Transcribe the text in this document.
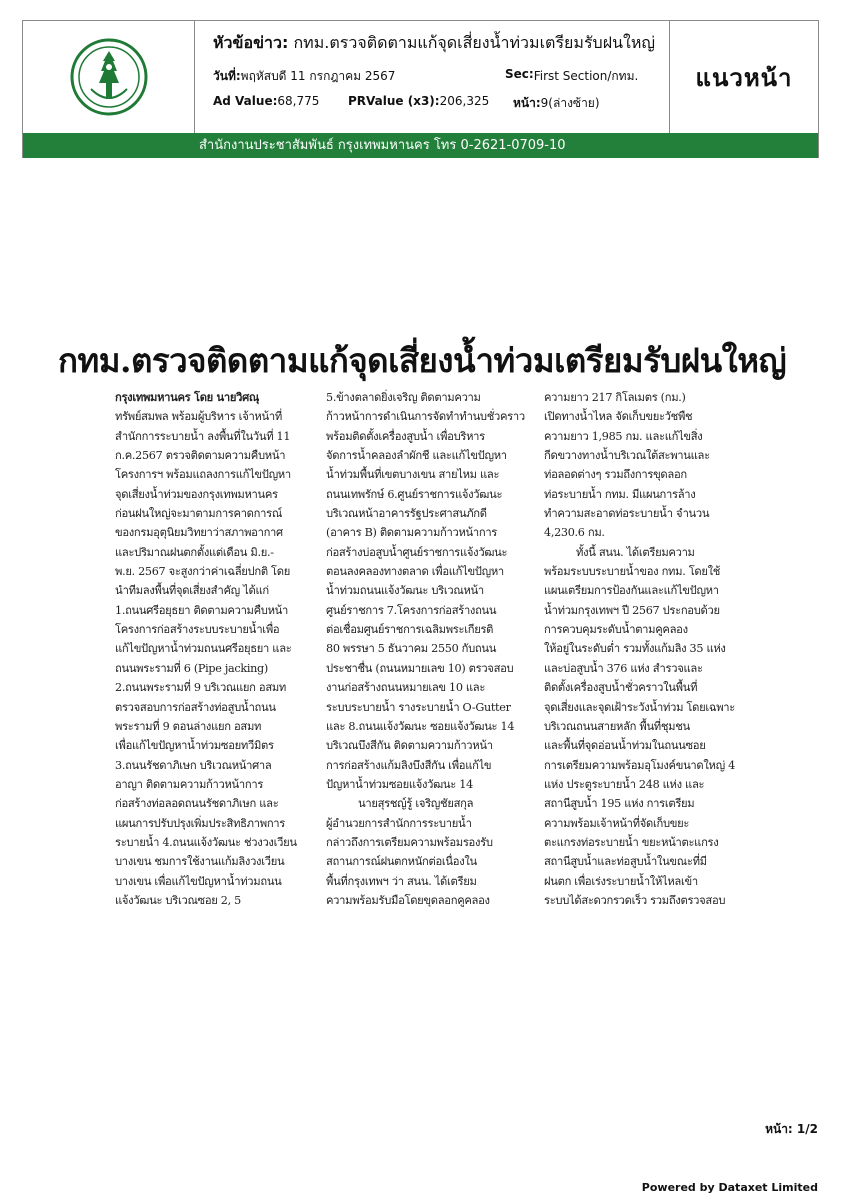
หัวข้อข่าว: กทม.ตรวจติดตามแก้จุดเสี่ยงน้ำท่วมเตรียมรับฝนใหญ่
วันที่: พฤหัสบดี 11 กรกฎาคม 2567	Sec: First Section/กทม.
Ad Value: 68,775 PRValue (x3): 206,325 หน้า: 9(ล่างซ้าย)
แนวหน้า
สำนักงานประชาสัมพันธ์ กรุงเทพมหานคร โทร 0-2621-0709-10
กทม.ตรวจติดตามแก้จุดเสี่ยงน้ำท่วมเตรียมรับฝนใหญ่
กรุงเทพมหานคร โดย นายวิศณุ
ทรัพย์สมพล พร้อมผู้บริหาร เจ้าหน้าที่
สำนักการระบายน้ำ ลงพื้นที่ในวันที่ 11
ก.ค.2567 ตรวจติดตามความคืบหน้า
โครงการฯ พร้อมแถลงการแก้ไขปัญหา
จุดเสี่ยงน้ำท่วมของกรุงเทพมหานคร
ก่อนฝนใหญ่จะมาตามการคาดการณ์
ของกรมอุตุนิยมวิทยาว่าสภาพอากาศ
และปริมาณฝนตกตั้งแต่เดือน มิ.ย.-
พ.ย. 2567 จะสูงกว่าค่าเฉลี่ยปกติ โดย
นำทีมลงพื้นที่จุดเสี่ยงสำคัญ ได้แก่
1.ถนนศรีอยุธยา ติดตามความคืบหน้า
โครงการก่อสร้างระบบระบายน้ำเพื่อ
แก้ไขปัญหาน้ำท่วมถนนศรีอยุธยา และ
ถนนพระรามที่ 6 (Pipe jacking)
2.ถนนพระรามที่ 9 บริเวณแยก อสมท
ตรวจสอบการก่อสร้างท่อสูบน้ำถนน
พระรามที่ 9 ตอนล่างแยก อสมท
เพื่อแก้ไขปัญหาน้ำท่วมซอยทวีมิตร
3.ถนนรัชดาภิเษก บริเวณหน้าศาล
อาญา ติดตามความก้าวหน้าการ
ก่อสร้างท่อลอดถนนรัชดาภิเษก และ
แผนการปรับปรุงเพิ่มประสิทธิภาพการ
ระบายน้ำ 4.ถนนแจ้งวัฒนะ ช่วงวงเวียน
บางเขน ชมการใช้งานแก้มลิงวงเวียน
บางเขน เพื่อแก้ไขปัญหาน้ำท่วมถนน
แจ้งวัฒนะ บริเวณซอย 2, 5
5.ข้างตลาดยิ่งเจริญ ติดตามความ
ก้าวหน้าการดำเนินการจัดทำทำนบชั่วคราว
พร้อมติดตั้งเครื่องสูบน้ำ เพื่อบริหาร
จัดการน้ำคลองลำผักชี และแก้ไขปัญหา
น้ำท่วมพื้นที่เขตบางเขน สายไหม และ
ถนนเทพรักษ์ 6.ศูนย์ราชการแจ้งวัฒนะ
บริเวณหน้าอาคารรัฐประศาสนภักดี
(อาคาร B) ติดตามความก้าวหน้าการ
ก่อสร้างบ่อสูบน้ำศูนย์ราชการแจ้งวัฒนะ
ตอนลงคลองทางตลาด เพื่อแก้ไขปัญหา
น้ำท่วมถนนแจ้งวัฒนะ บริเวณหน้า
ศูนย์ราชการ 7.โครงการก่อสร้างถนน
ต่อเชื่อมศูนย์ราชการเฉลิมพระเกียรติ
80 พรรษา 5 ธันวาคม 2550 กับถนน
ประชาชื่น (ถนนหมายเลข 10) ตรวจสอบ
งานก่อสร้างถนนหมายเลข 10 และ
ระบบระบายน้ำ รางระบายน้ำ O-Gutter
และ 8.ถนนแจ้งวัฒนะ ซอยแจ้งวัฒนะ 14
บริเวณบึงสีกัน ติดตามความก้าวหน้า
การก่อสร้างแก้มลิงบึงสีกัน เพื่อแก้ไข
ปัญหาน้ำท่วมซอยแจ้งวัฒนะ 14
นายสุรชญ์รู้ เจริญชัยสกุล
ผู้อำนวยการสำนักการระบายน้ำ
กล่าวถึงการเตรียมความพร้อมรองรับ
สถานการณ์ฝนตกหนักต่อเนื่องใน
พื้นที่กรุงเทพฯ ว่า สนน. ได้เตรียม
ความพร้อมรับมือโดยขุดลอกคูคลอง
ความยาว 217 กิโลเมตร (กม.)
เปิดทางน้ำไหล จัดเก็บขยะวัชพืช
ความยาว 1,985 กม. และแก้ไขสิ่ง
กีดขวางทางน้ำบริเวณใต้สะพานและ
ท่อลอดต่างๆ รวมถึงการขุดลอก
ท่อระบายน้ำ กทม. มีแผนการล้าง
ทำความสะอาดท่อระบายน้ำ จำนวน
4,230.6 กม.
ทั้งนี้ สนน. ได้เตรียมความ
พร้อมระบบระบายน้ำของ กทม. โดยใช้
แผนเตรียมการป้องกันและแก้ไขปัญหา
น้ำท่วมกรุงเทพฯ ปี 2567 ประกอบด้วย
การควบคุมระดับน้ำตามคูคลอง
ให้อยู่ในระดับต่ำ รวมทั้งแก้มลิง 35 แห่ง
และบ่อสูบน้ำ 376 แห่ง สำรวจและ
ติดตั้งเครื่องสูบน้ำชั่วคราวในพื้นที่
จุดเสี่ยงและจุดเฝ้าระวังน้ำท่วม โดยเฉพาะ
บริเวณถนนสายหลัก พื้นที่ชุมชน
และพื้นที่จุดอ่อนน้ำท่วมในถนนซอย
การเตรียมความพร้อมอุโมงค์ขนาดใหญ่ 4
แห่ง ประตูระบายน้ำ 248 แห่ง และ
สถานีสูบน้ำ 195 แห่ง การเตรียม
ความพร้อมเจ้าหน้าที่จัดเก็บขยะ
ตะแกรงท่อระบายน้ำ ขยะหน้าตะแกรง
สถานีสูบน้ำและท่อสูบน้ำในขณะที่มี
ฝนตก เพื่อเร่งระบายน้ำให้ไหลเข้า
ระบบได้สะดวกรวดเร็ว รวมถึงตรวจสอบ
หน้า: 1/2
Powered by Dataxet Limited
